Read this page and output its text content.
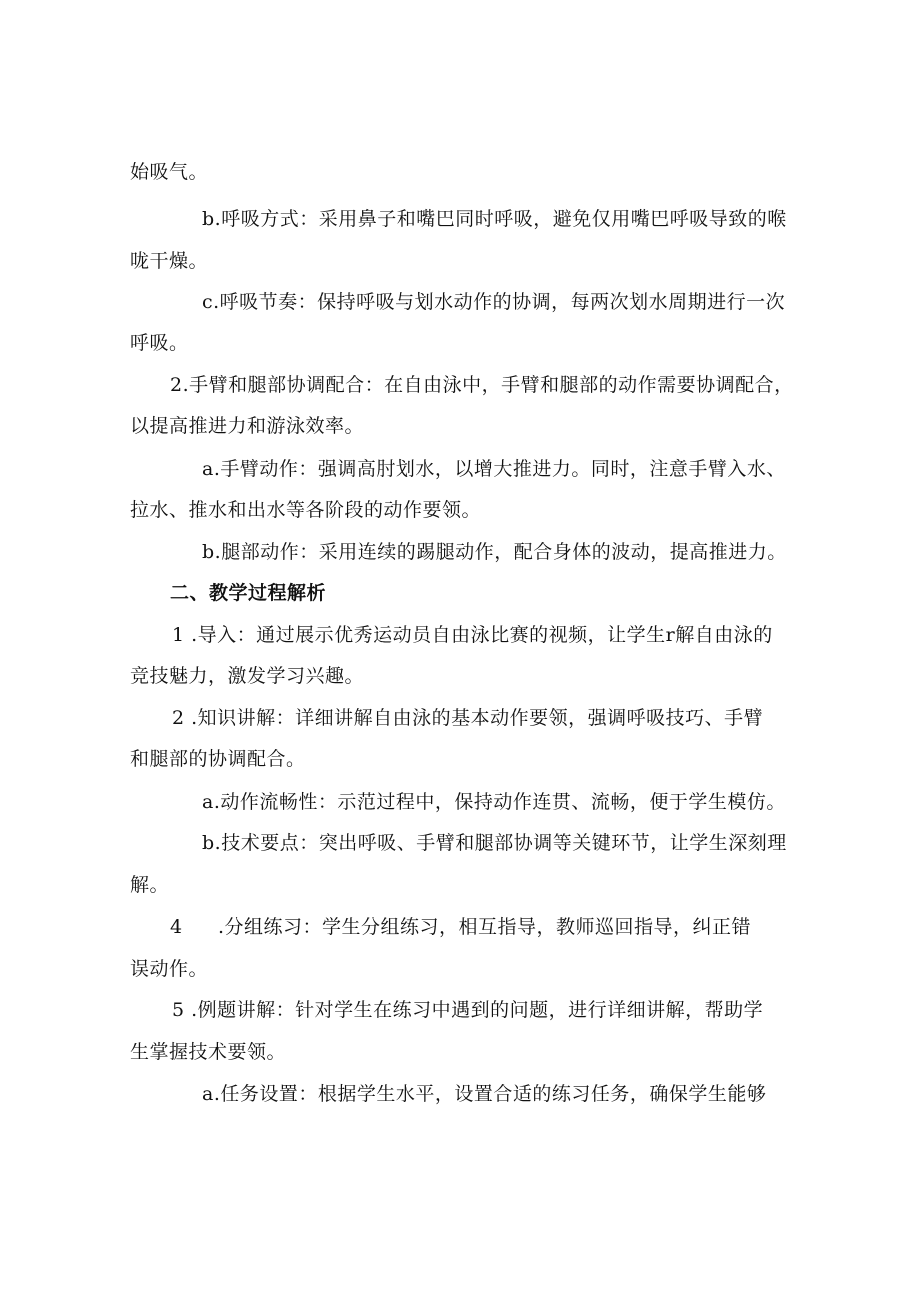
始吸气。
b.呼吸方式：采用鼻子和嘴巴同时呼吸，避免仅用嘴巴呼吸导致的喉
咙干燥。
c.呼吸节奏：保持呼吸与划水动作的协调，每两次划水周期进行一次
呼吸。
2.手臂和腿部协调配合：在自由泳中，手臂和腿部的动作需要协调配合，
以提高推进力和游泳效率。
a.手臂动作：强调高肘划水，以增大推进力。同时，注意手臂入水、
拉水、推水和出水等各阶段的动作要领。
b.腿部动作：采用连续的踢腿动作，配合身体的波动，提高推进力。
二、教学过程解析
1 .导入：通过展示优秀运动员自由泳比赛的视频，让学生r解自由泳的
竞技魅力，激发学习兴趣。
2 .知识讲解：详细讲解自由泳的基本动作要领，强调呼吸技巧、手臂
和腿部的协调配合。
a.动作流畅性：示范过程中，保持动作连贯、流畅，便于学生模仿。
b.技术要点：突出呼吸、手臂和腿部协调等关键环节，让学生深刻理
解。
4 .分组练习：学生分组练习，相互指导，教师巡回指导，纠正错
误动作。
5 .例题讲解：针对学生在练习中遇到的问题，进行详细讲解，帮助学
生掌握技术要领。
a.任务设置：根据学生水平，设置合适的练习任务，确保学生能够
